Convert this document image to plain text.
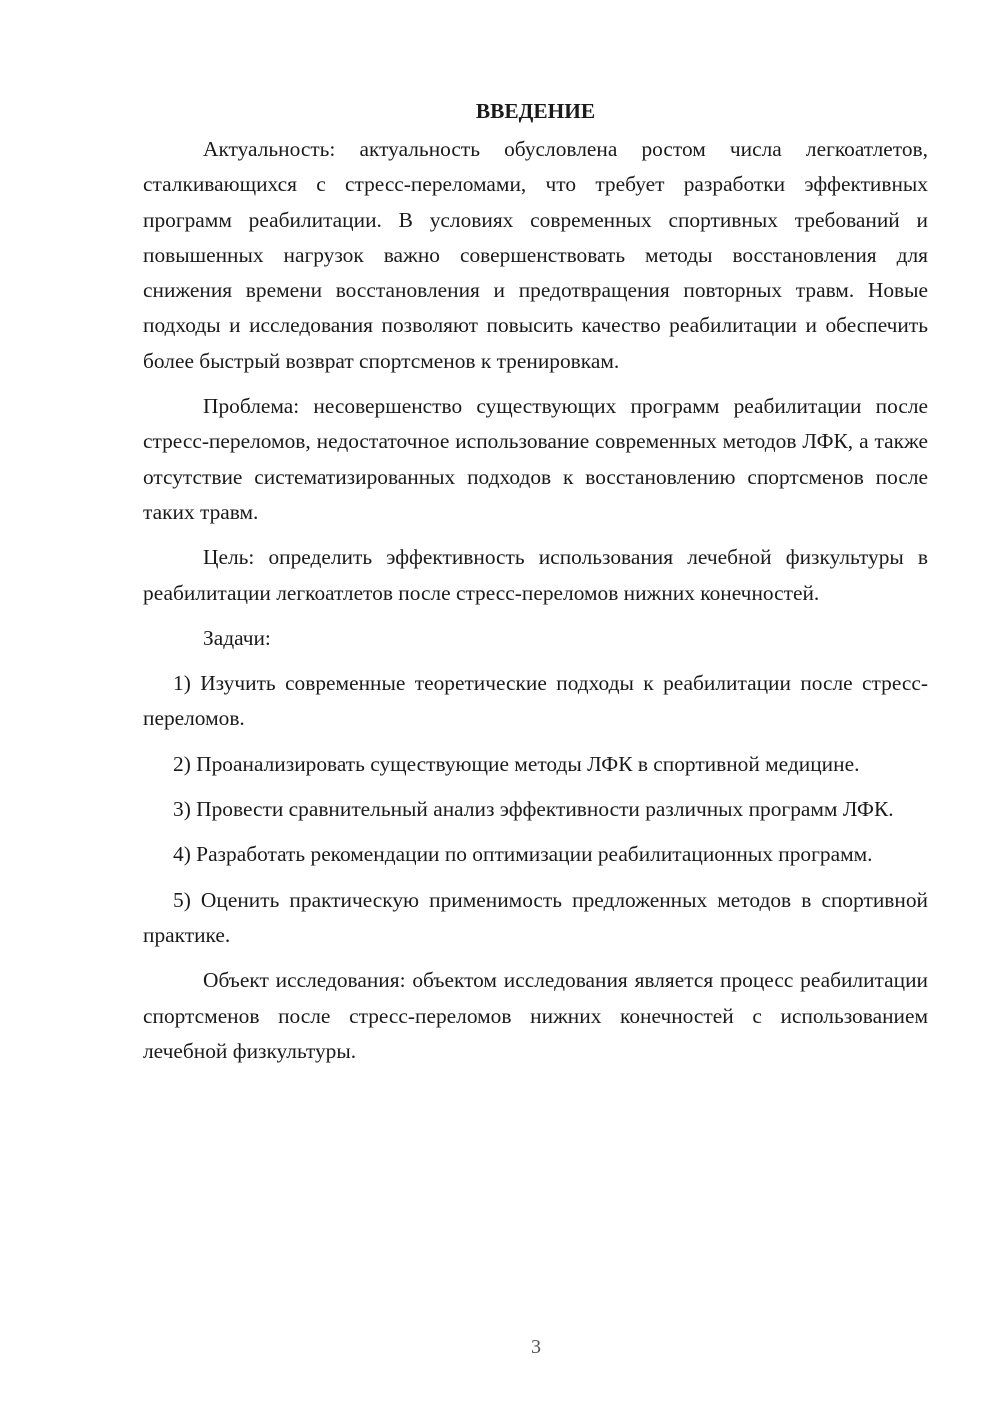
ВВЕДЕНИЕ

Актуальность: актуальность обусловлена ростом числа легкоатлетов, сталкивающихся с стресс-переломами, что требует разработки эффективных программ реабилитации. В условиях современных спортивных требований и повышенных нагрузок важно совершенствовать методы восстановления для снижения времени восстановления и предотвращения повторных травм. Новые подходы и исследования позволяют повысить качество реабилитации и обеспечить более быстрый возврат спортсменов к тренировкам.

Проблема: несовершенство существующих программ реабилитации после стресс-переломов, недостаточное использование современных методов ЛФК, а также отсутствие систематизированных подходов к восстановлению спортсменов после таких травм.

Цель: определить эффективность использования лечебной физкультуры в реабилитации легкоатлетов после стресс-переломов нижних конечностей.

Задачи:

1) Изучить современные теоретические подходы к реабилитации после стресс-переломов.

2) Проанализировать существующие методы ЛФК в спортивной медицине.

3) Провести сравнительный анализ эффективности различных программ ЛФК.

4) Разработать рекомендации по оптимизации реабилитационных программ.

5) Оценить практическую применимость предложенных методов в спортивной практике.

Объект исследования: объектом исследования является процесс реабилитации спортсменов после стресс-переломов нижних конечностей с использованием лечебной физкультуры.

3
